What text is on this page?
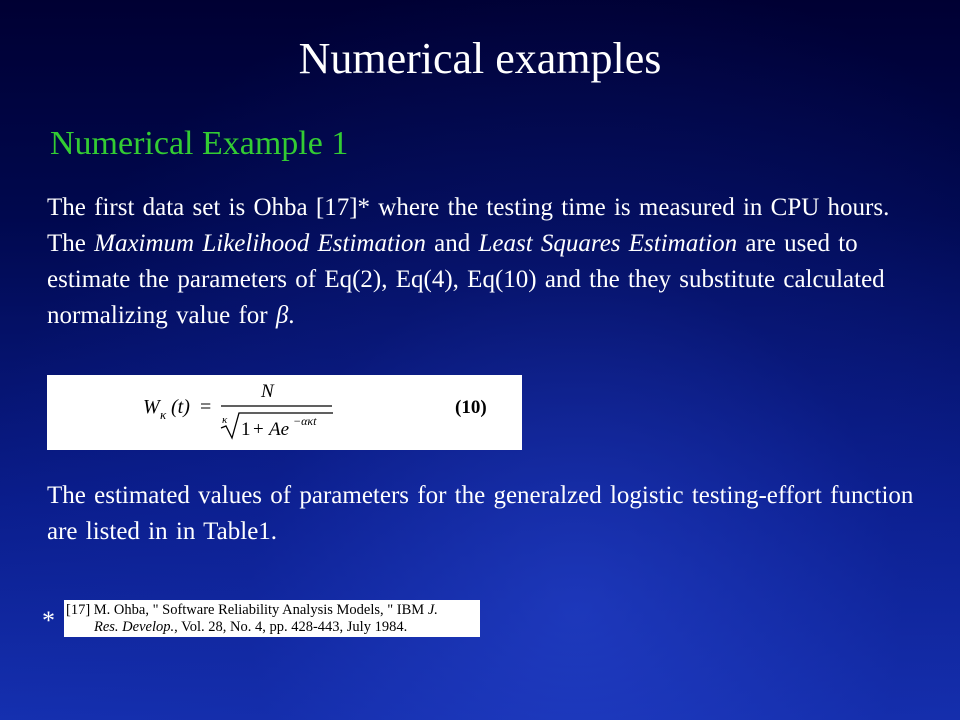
Numerical examples
Numerical Example 1

The first data set is Ohba [17]* where the testing time is measured in CPU hours. The Maximum Likelihood Estimation and Least Squares Estimation are used to estimate the parameters of Eq(2), Eq(4), Eq(10) and the they substitute calculated normalizing value for β.

W κ (t) =
N
κ 1 + Ae −ακt
(10)

The estimated values of parameters for the generalzed logistic testing-effort function are listed in in Table1.

* [17] M. Ohba, " Software Reliability Analysis Models, " IBM J.
Res. Develop., Vol. 28, No. 4, pp. 428-443, July 1984.
